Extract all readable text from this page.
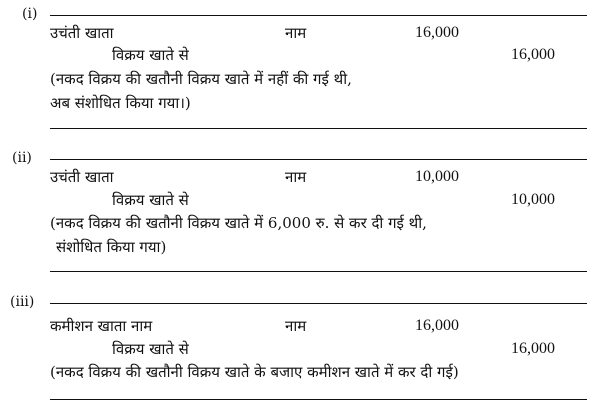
(i)
उचंती खाता	नाम	16,000
विक्रय खाते से	16,000
(नकद विक्रय की खतौनी विक्रय खाते में नहीं की गई थी,
अब संशोधित किया गया।)
(ii)
उचंती खाता	नाम	10,000
विक्रय खाते से	10,000
(नकद विक्रय की खतौनी विक्रय खाते में 6,000 रु. से कर दी गई थी,
संशोधित किया गया)
(iii)
कमीशन खाता नाम	नाम	16,000
विक्रय खाते से	16,000
(नकद विक्रय की खतौनी विक्रय खाते के बजाए कमीशन खाते में कर दी गई)
